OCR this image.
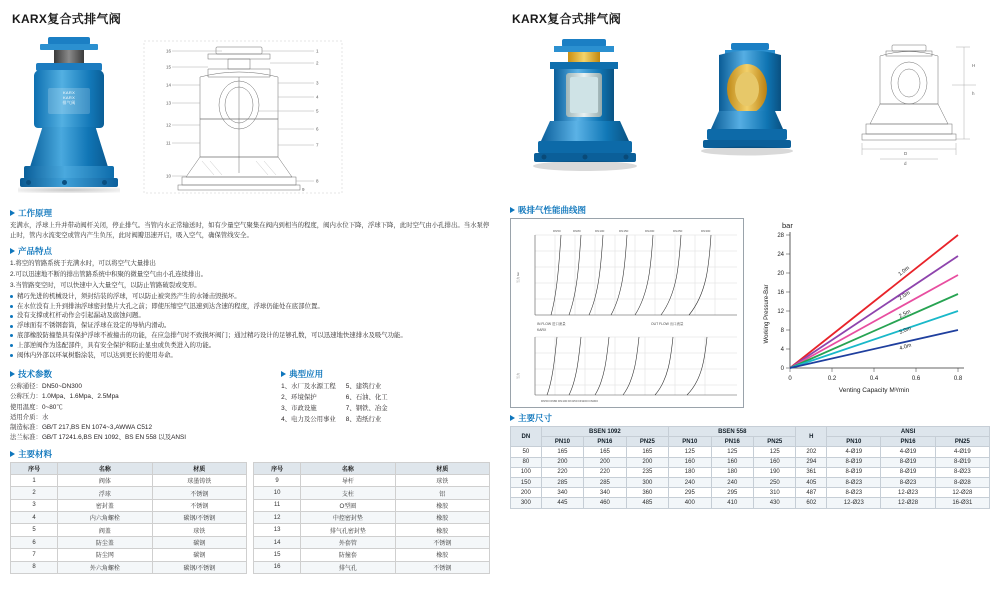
KARX复合式排气阀
KARX
KARX
排气阀
1
2
3
4
5
6
7
8
16
15
14
13
12
11
10
9
工作原理
充满水，浮球上升并带动阀杆关闭，停止排气。当管内水正常输送时，如有少量空气聚集在阀内到相当的程度，阀内水位下降，浮球下降，此时空气由小孔排出。当水泵停止时，管内水流变空或管内产生负压，此时阀瓣迅速开启，吸入空气，确保管线安全。
产品特点

1.将空的管路系统于充满水时，可以将空气大量排出

2.可以迅速地不断的排出管路系统中积聚的微量空气由小孔连续排出。

3.当管路变空时，可以快速中入大量空气，以防止管路破裂或变形。

精巧先进的机械设计，须封结装的浮球，可以防止被突然产生的水锤击毁损坏。
在水位没有上升到排油浮球密封垫片大孔之前；即使压缩空气迅速到达含速的程度，浮球仍能处在底部位置。
没有支撑或杠杆动作会引起漏动及腐蚀问题。
浮球面有不锈钢套筒，保证浮球在设定的导轨内滑动。
底部橡胶防撞垫具有保护浮球不被撞击的功能，在应急排气时不致损坏阀门；通过精巧设计的足够孔数，可以迅速地快速排水及吸气功能。
上部逆阀作为选配部件，具有安全保护和防止显虫或负类进入的功能。
阀体内外部以环氧树脂涂装，可以达到更长的使用寿命。
技术参数
公称通径：DN50~DN300
公称压力：1.0Mpa、1.6Mpa、2.5Mpa
使用温度：0~80℃
适用介质：水
制造标准：GB/T 217,BS EN 1074~3,AWWA C512
法兰标准：GB/T 17241.6,BS EN 1092、BS EN 558 以及ANSI
典型应用
1、水厂及水源工程
2、环境保护
3、市政设施
4、电力及公用事业
5、建筑行业
6、石油、化工
7、钢铁、冶金
8、造纸行业
主要材料
序号	名称	材质
1	阀体	球墨铸铁
2	浮球	不锈钢
3	密封盖	不锈钢
4	内六角螺栓	碳钢/不锈钢
5	阀盖	球铁
6	防尘盖	碳钢
7	防尘网	碳钢
8	外六角螺栓	碳钢/不锈钢
序号	名称	材质
9	导杆	球铁
10	支柱	铝
11	O型圈	橡胶
12	中控密封垫	橡胶
13	排气孔密封垫	橡胶
14	外套管	不锈钢
15	防撞套	橡胶
16	排气孔	不锈钢
KARX复合式排气阀
H
h
D
d
吸排气性能曲线图
DN50	DN80	DN100	DN150	DN200	DN250	DN300
压力 bar
IN FLOW 进口流量	OUT FLOW 出口流量
KARX
DN50 DN80 DN100 DN150 DN200 DN300
压力
0
4
8
12
16
20
24
28
Working Pressure-Bar
bar
0	0.2	0.4	0.6	0.8
Venting Capacity M³/min
1.0m
2.0m
2.5m
3.0m
4.0m
主要尺寸
DN	BSEN 1092			BSEN 558			H	ANSI		
	PN10	PN16	PN25	PN10	PN16	PN25		PN10	PN16	PN25
50	165	165	165	125	125	125	202	4-Ø19	4-Ø19	4-Ø19
80	200	200	200	160	160	160	294	8-Ø19	8-Ø19	8-Ø19
100	220	220	235	180	180	190	361	8-Ø19	8-Ø19	8-Ø23
150	285	285	300	240	240	250	405	8-Ø23	8-Ø23	8-Ø28
200	340	340	360	295	295	310	487	8-Ø23	12-Ø23	12-Ø28
300	445	460	485	400	410	430	602	12-Ø23	12-Ø28	16-Ø31
